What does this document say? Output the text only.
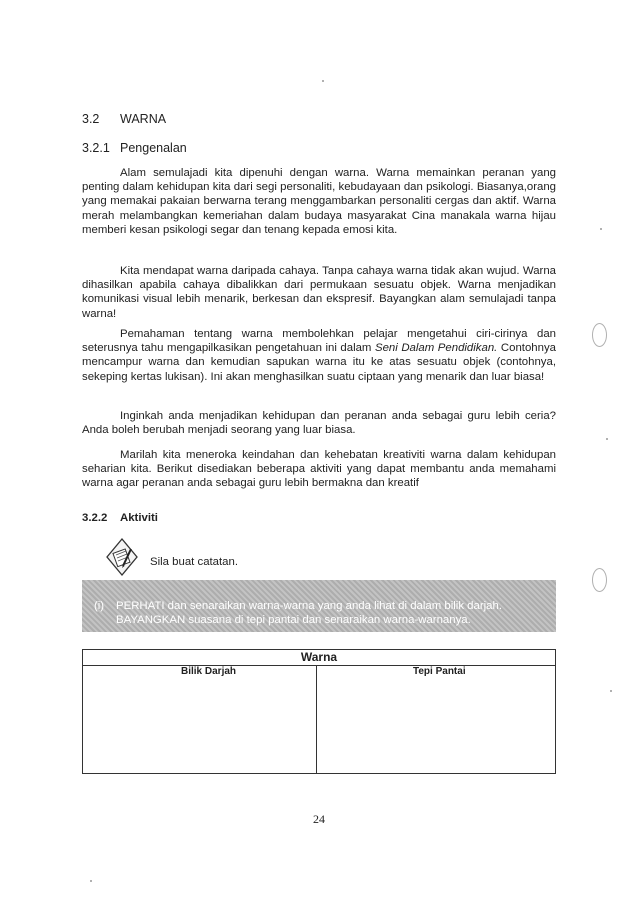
3.2 WARNA
3.2.1 Pengenalan

Alam semulajadi kita dipenuhi dengan warna. Warna memainkan peranan yang penting dalam kehidupan kita dari segi personaliti, kebudayaan dan psikologi. Biasanya,orang yang memakai pakaian berwarna terang menggambarkan personaliti cergas dan aktif. Warna merah melambangkan kemeriahan dalam budaya masyarakat Cina manakala warna hijau memberi kesan psikologi segar dan tenang kepada emosi kita.

Kita mendapat warna daripada cahaya. Tanpa cahaya warna tidak akan wujud. Warna dihasilkan apabila cahaya dibalikkan dari permukaan sesuatu objek. Warna menjadikan komunikasi visual lebih menarik, berkesan dan ekspresif. Bayangkan alam semulajadi tanpa warna!

Pemahaman tentang warna membolehkan pelajar mengetahui ciri-cirinya dan seterusnya tahu mengapilkasikan pengetahuan ini dalam Seni Dalam Pendidikan. Contohnya mencampur warna dan kemudian sapukan warna itu ke atas sesuatu objek (contohnya, sekeping kertas lukisan). Ini akan menghasilkan suatu ciptaan yang menarik dan luar biasa!

Inginkah anda menjadikan kehidupan dan peranan anda sebagai guru lebih ceria? Anda boleh berubah menjadi seorang yang luar biasa.

Marilah kita meneroka keindahan dan kehebatan kreativiti warna dalam kehidupan seharian kita. Berikut disediakan beberapa aktiviti yang dapat membantu anda memahami warna agar peranan anda sebagai guru lebih bermakna dan kreatif

3.2.2 Aktiviti
Sila buat catatan.
(i) PERHATI dan senaraikan warna-warna yang anda lihat di dalam bilik darjah.
BAYANGKAN suasana di tepi pantai dan senaraikan warna-warnanya.
Warna
Bilik Darjah	Tepi Pantai
24
